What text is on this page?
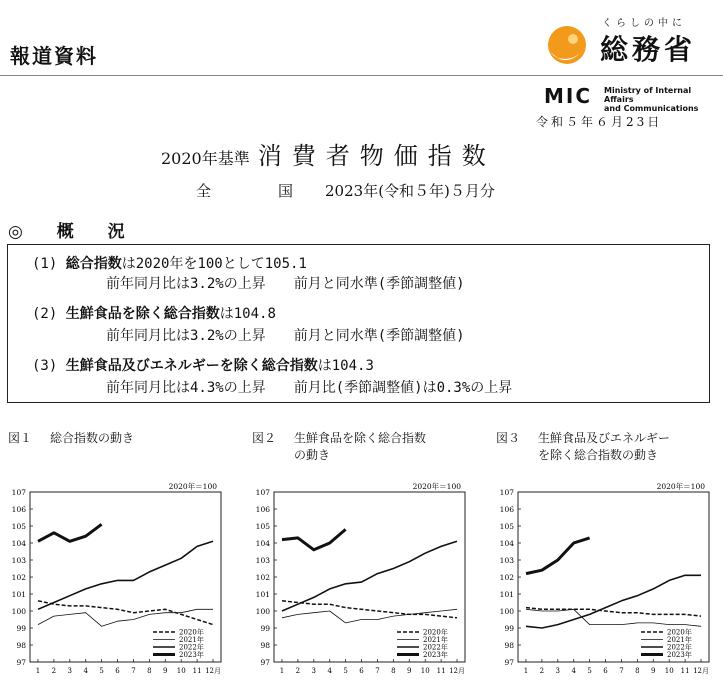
報道資料
くらしの中に
総務省
MIC Ministry of Internal Affairs
and Communications
令和５年６月23日
2020年基準 消費者物価指数
全　国 2023年(令和５年)５月分
◎ 概 況
(1) 総合指数は2020年を100として105.1
前年同月比は3.2%の上昇　　前月と同水準(季節調整値)
(2) 生鮮食品を除く総合指数は104.8
前年同月比は3.2%の上昇　　前月と同水準(季節調整値)
(3) 生鮮食品及びエネルギーを除く総合指数は104.3
前年同月比は4.3%の上昇　　前月比(季節調整値)は0.3%の上昇
図１ 総合指数の動き	図２ 生鮮食品を除く総合指数
の動き
図３ 生鮮食品及びエネルギー
を除く総合指数の動き
2020年＝100
97
98
99
100
101
102
103
104
105
106
107
1 2 3 4 5 6 7 8 9 10 11 12月
2020年
2021年
2022年
2023年
2020年＝100
97
98
99
100
101
102
103
104
105
106
107
1 2 3 4 5 6 7 8 9 10 11 12月
2020年
2021年
2022年
2023年
2020年＝100
97
98
99
100
101
102
103
104
105
106
107
1 2 3 4 5 6 7 8 9 10 11 12月
2020年
2021年
2022年
2023年
